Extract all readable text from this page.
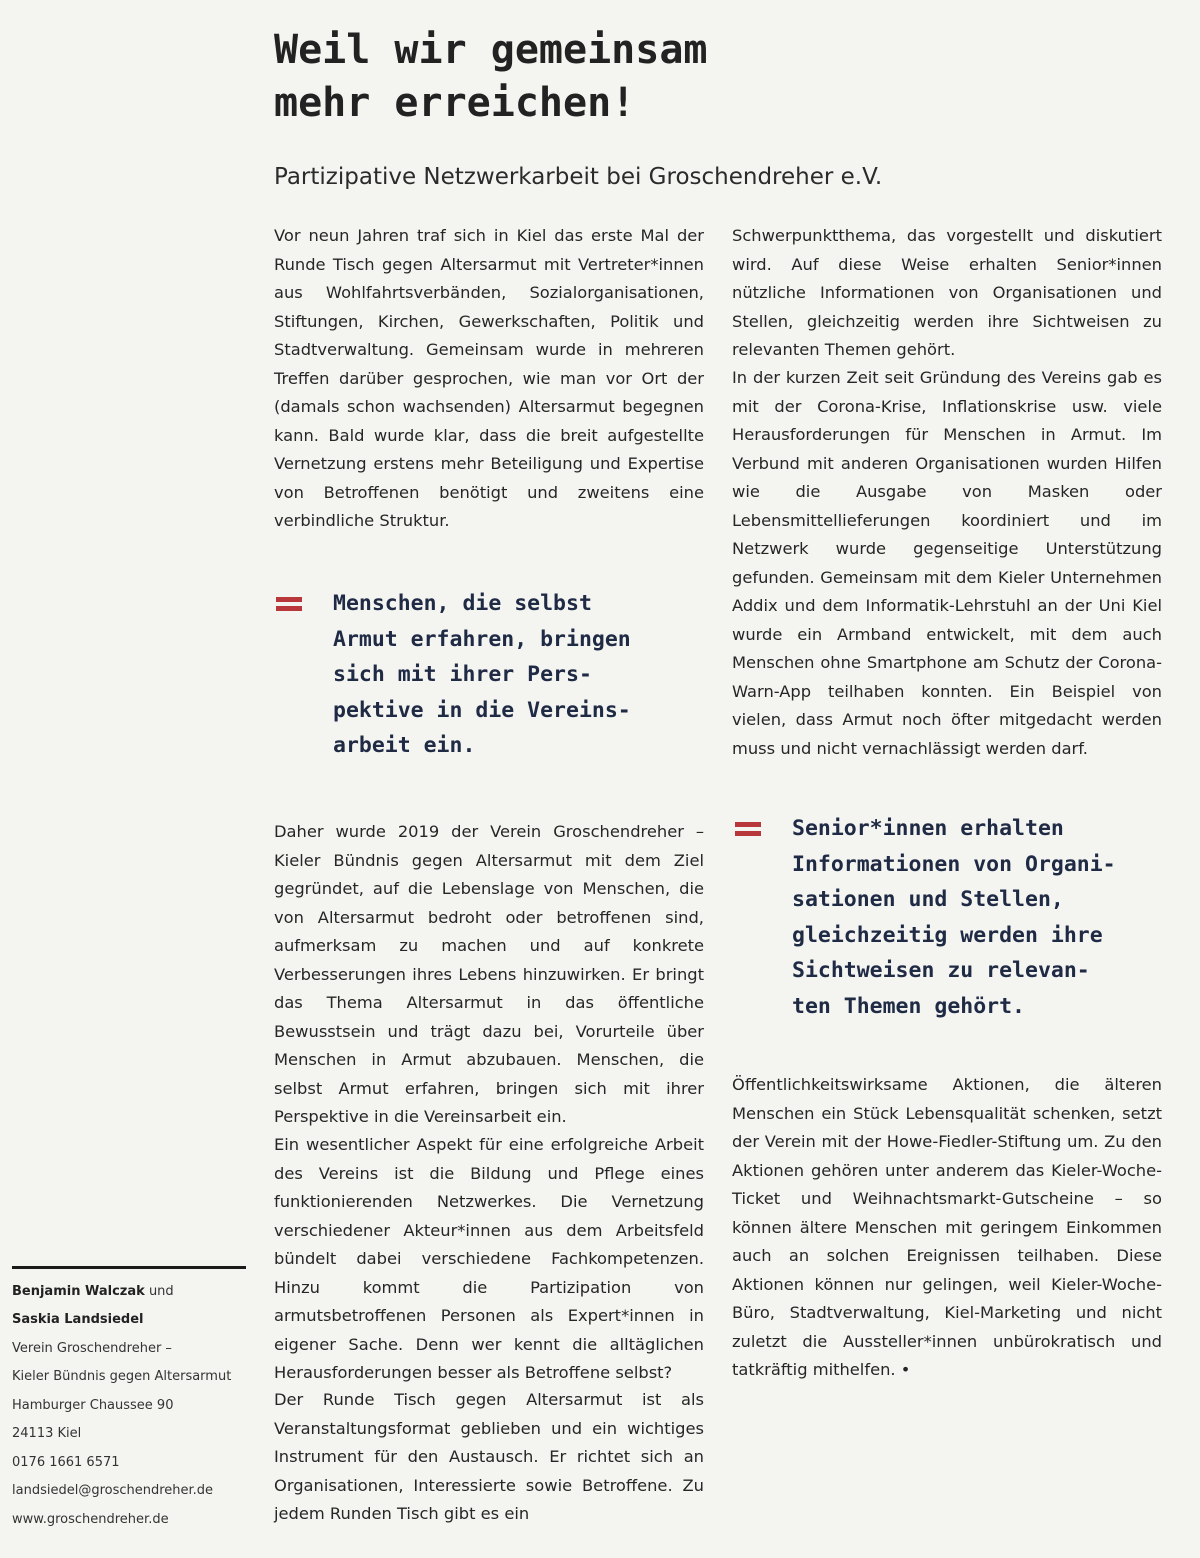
Weil wir gemeinsam
mehr erreichen!

Partizipative Netzwerkarbeit bei Groschendreher e.V.

Vor neun Jahren traf sich in Kiel das erste Mal der Runde Tisch gegen Altersarmut mit Vertreter*innen aus Wohlfahrtsverbänden, Sozialorganisationen, Stiftungen, Kirchen, Gewerkschaften, Politik und Stadtverwaltung. Gemeinsam wurde in mehreren Treffen darüber gesprochen, wie man vor Ort der (damals schon wachsenden) Altersarmut begegnen kann. Bald wurde klar, dass die breit aufgestellte Vernetzung erstens mehr Beteiligung und Expertise von Betroffenen benötigt und zweitens eine verbindliche Struktur.

Menschen, die selbst
Armut erfahren, bringen
sich mit ihrer Pers-
pektive in die Vereins-
arbeit ein.

Daher wurde 2019 der Verein Groschendreher – Kieler Bündnis gegen Altersarmut mit dem Ziel gegründet, auf die Lebenslage von Menschen, die von Altersarmut bedroht oder betroffenen sind, aufmerksam zu machen und auf konkrete Verbesserungen ihres Lebens hinzuwirken. Er bringt das Thema Altersarmut in das öffentliche Bewusstsein und trägt dazu bei, Vorurteile über Menschen in Armut abzubauen. Menschen, die selbst Armut erfahren, bringen sich mit ihrer Perspektive in die Vereinsarbeit ein.

Ein wesentlicher Aspekt für eine erfolgreiche Arbeit des Vereins ist die Bildung und Pflege eines funktionierenden Netzwerkes. Die Vernetzung verschiedener Akteur*innen aus dem Arbeitsfeld bündelt dabei verschiedene Fachkompetenzen. Hinzu kommt die Partizipation von armutsbetroffenen Personen als Expert*innen in eigener Sache. Denn wer kennt die alltäglichen Herausforderungen besser als Betroffene selbst?

Der Runde Tisch gegen Altersarmut ist als Veranstaltungsformat geblieben und ein wichtiges Instrument für den Austausch. Er richtet sich an Organisationen, Interessierte sowie Betroffene. Zu jedem Runden Tisch gibt es ein

Schwerpunktthema, das vorgestellt und diskutiert wird. Auf diese Weise erhalten Senior*innen nützliche Informationen von Organisationen und Stellen, gleichzeitig werden ihre Sichtweisen zu relevanten Themen gehört.

In der kurzen Zeit seit Gründung des Vereins gab es mit der Corona-Krise, Inflationskrise usw. viele Herausforderungen für Menschen in Armut. Im Verbund mit anderen Organisationen wurden Hilfen wie die Ausgabe von Masken oder Lebensmittellieferungen koordiniert und im Netzwerk wurde gegenseitige Unterstützung gefunden. Gemeinsam mit dem Kieler Unternehmen Addix und dem Informatik-Lehrstuhl an der Uni Kiel wurde ein Armband entwickelt, mit dem auch Menschen ohne Smartphone am Schutz der Corona-Warn-App teilhaben konnten. Ein Beispiel von vielen, dass Armut noch öfter mitgedacht werden muss und nicht vernachlässigt werden darf.

Senior*innen erhalten
Informationen von Organi-
sationen und Stellen,
gleichzeitig werden ihre
Sichtweisen zu relevan-
ten Themen gehört.

Öffentlichkeitswirksame Aktionen, die älteren Menschen ein Stück Lebensqualität schenken, setzt der Verein mit der Howe-Fiedler-Stiftung um. Zu den Aktionen gehören unter anderem das Kieler-Woche-Ticket und Weihnachtsmarkt-Gutscheine – so können ältere Menschen mit geringem Einkommen auch an solchen Ereignissen teilhaben. Diese Aktionen können nur gelingen, weil Kieler-Woche-Büro, Stadtverwaltung, Kiel-Marketing und nicht zuletzt die Aussteller*innen unbürokratisch und tatkräftig mithelfen. •

Benjamin Walczak und
Saskia Landsiedel
Verein Groschendreher –
Kieler Bündnis gegen Altersarmut
Hamburger Chaussee 90
24113 Kiel
0176 1661 6571
landsiedel@groschendreher.de
www.groschendreher.de
